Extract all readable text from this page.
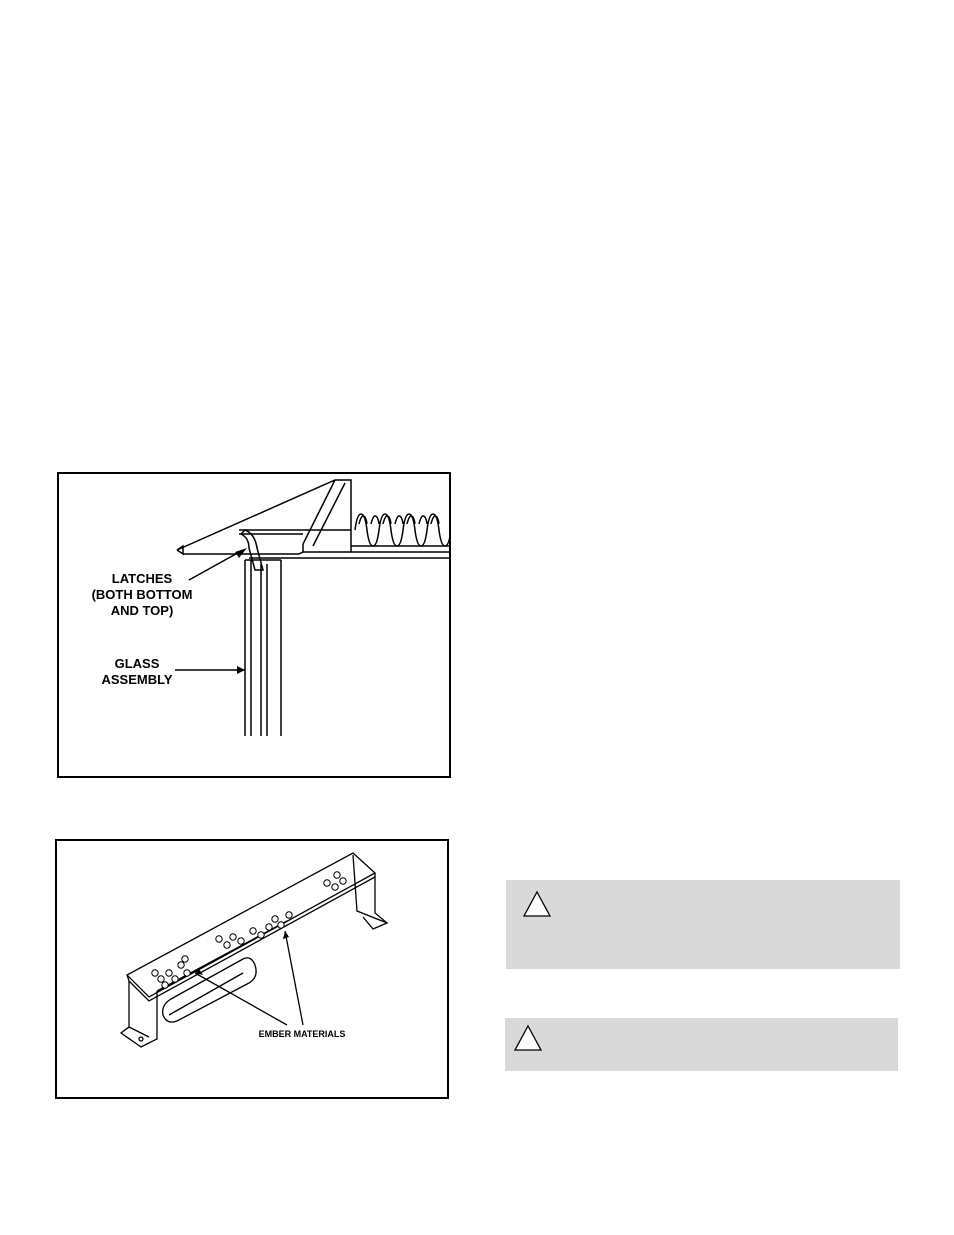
LATCHES
(BOTH BOTTOM
AND TOP)
GLASS
ASSEMBLY
EMBER MATERIALS
